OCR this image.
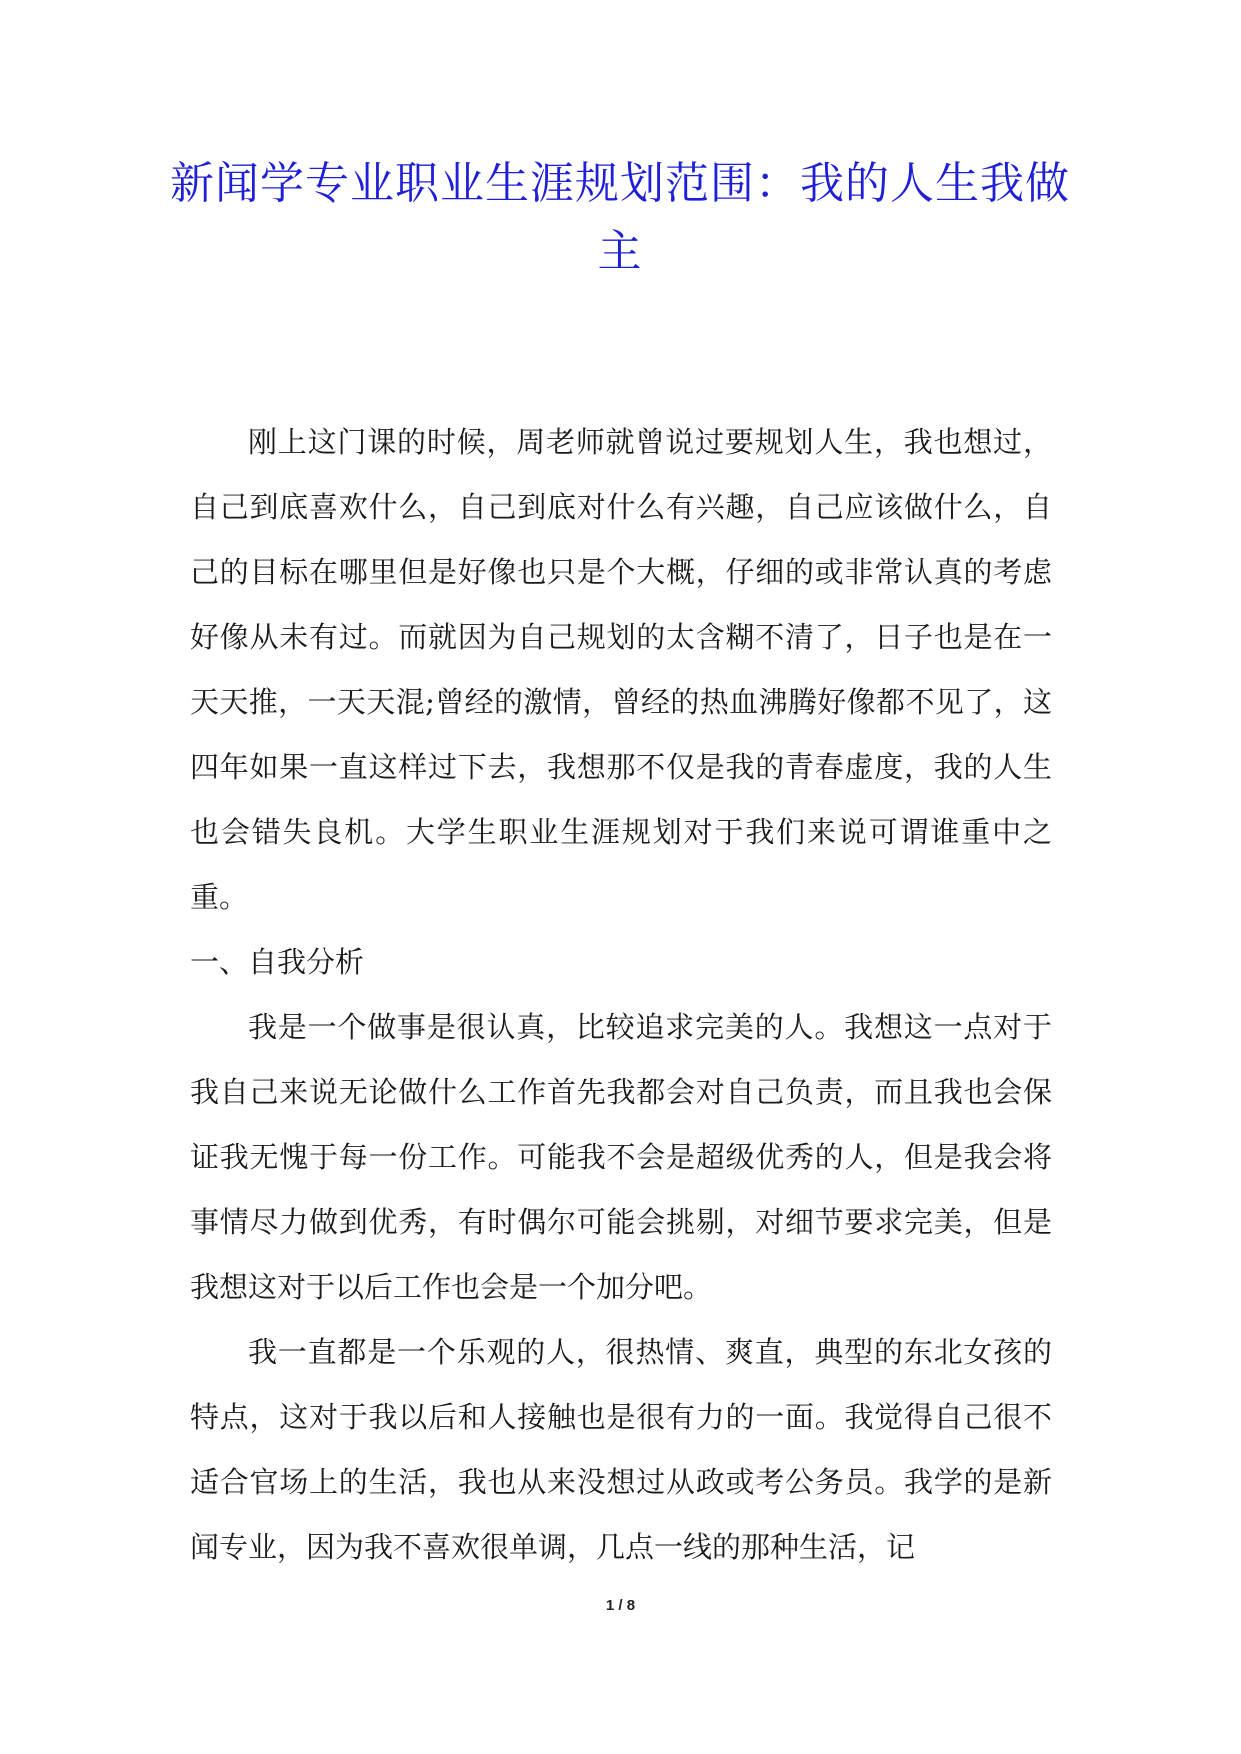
新闻学专业职业生涯规划范围：我的人生我做主

刚上这门课的时候，周老师就曾说过要规划人生，我也想过，自己到底喜欢什么，自己到底对什么有兴趣，自己应该做什么，自己的目标在哪里但是好像也只是个大概，仔细的或非常认真的考虑好像从未有过。而就因为自己规划的太含糊不清了，日子也是在一天天推，一天天混;曾经的激情，曾经的热血沸腾好像都不见了，这四年如果一直这样过下去，我想那不仅是我的青春虚度，我的人生也会错失良机。大学生职业生涯规划对于我们来说可谓谁重中之重。

一、自我分析

我是一个做事是很认真，比较追求完美的人。我想这一点对于我自己来说无论做什么工作首先我都会对自己负责，而且我也会保证我无愧于每一份工作。可能我不会是超级优秀的人，但是我会将事情尽力做到优秀，有时偶尔可能会挑剔，对细节要求完美，但是我想这对于以后工作也会是一个加分吧。

我一直都是一个乐观的人，很热情、爽直，典型的东北女孩的特点，这对于我以后和人接触也是很有力的一面。我觉得自己很不适合官场上的生活，我也从来没想过从政或考公务员。我学的是新闻专业，因为我不喜欢很单调，几点一线的那种生活，记

1 / 8
